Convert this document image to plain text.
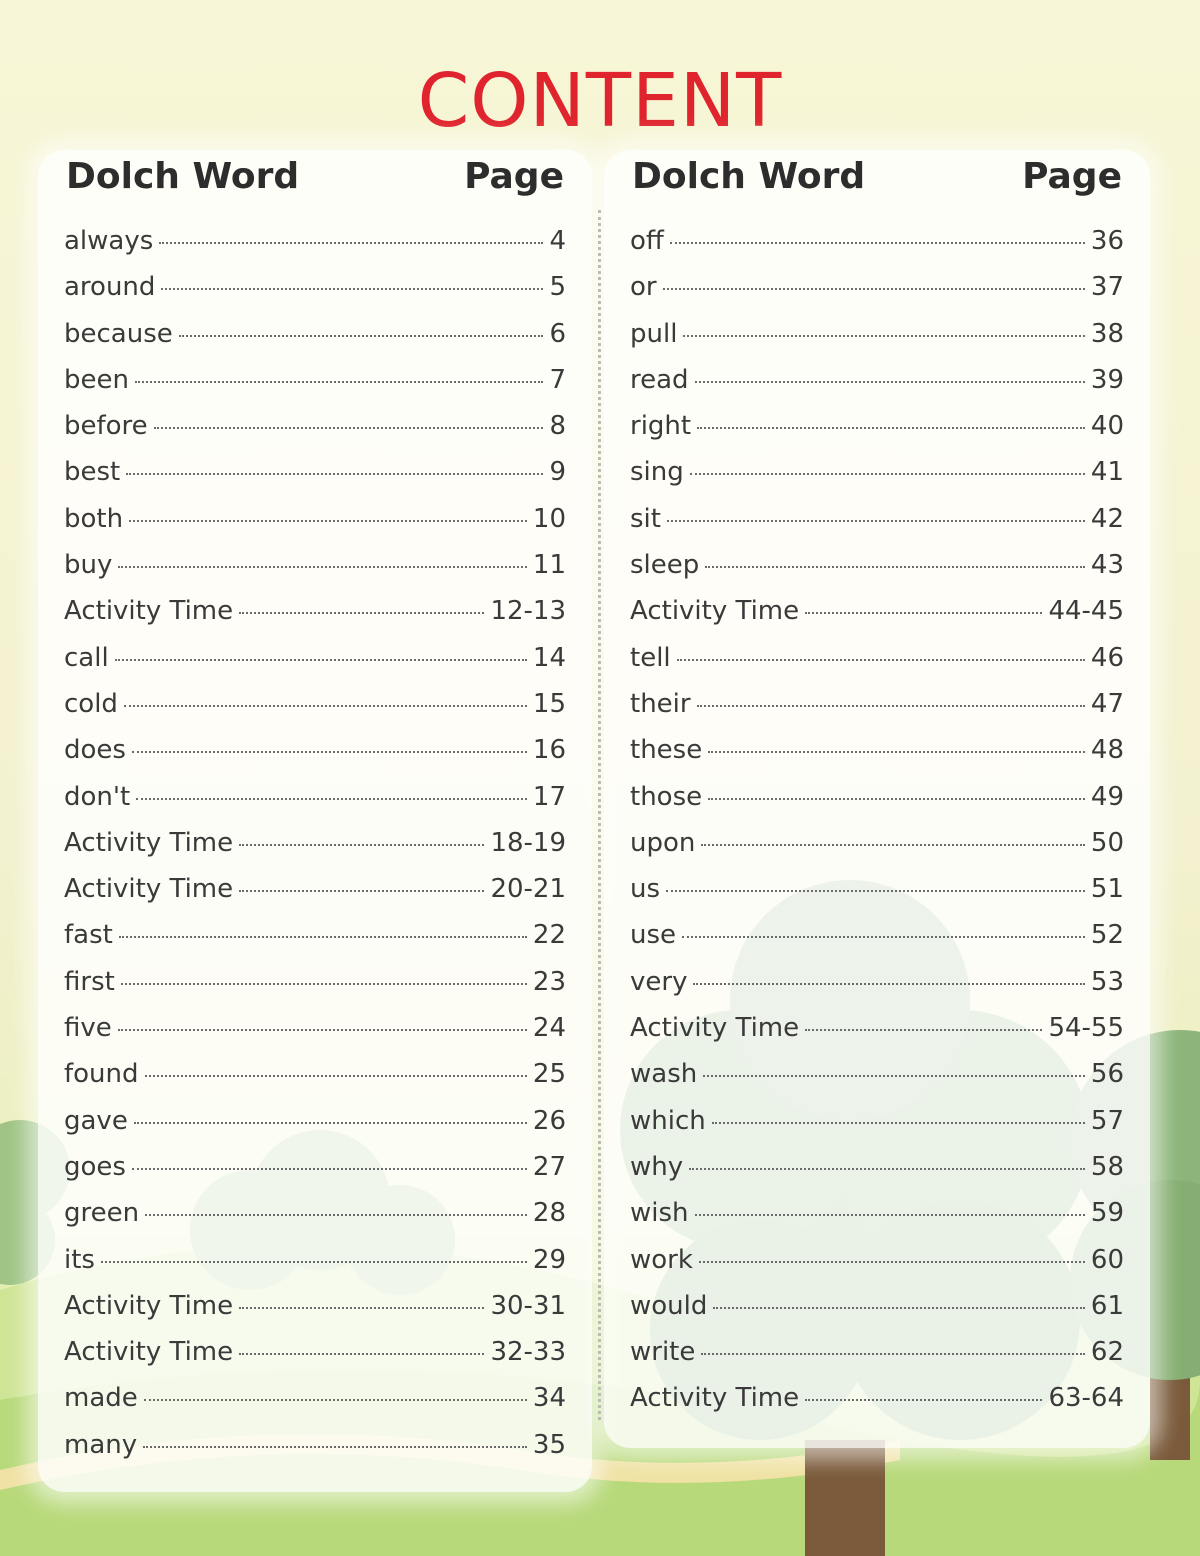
CONTENT
Dolch Word	Page
always	4
around	5
because	6
been	7
before	8
best	9
both	10
buy	11
Activity Time	12-13
call	14
cold	15
does	16
don't	17
Activity Time	18-19
Activity Time	20-21
fast	22
first	23
five	24
found	25
gave	26
goes	27
green	28
its	29
Activity Time	30-31
Activity Time	32-33
made	34
many	35
Dolch Word	Page
off	36
or	37
pull	38
read	39
right	40
sing	41
sit	42
sleep	43
Activity Time	44-45
tell	46
their	47
these	48
those	49
upon	50
us	51
use	52
very	53
Activity Time	54-55
wash	56
which	57
why	58
wish	59
work	60
would	61
write	62
Activity Time	63-64
